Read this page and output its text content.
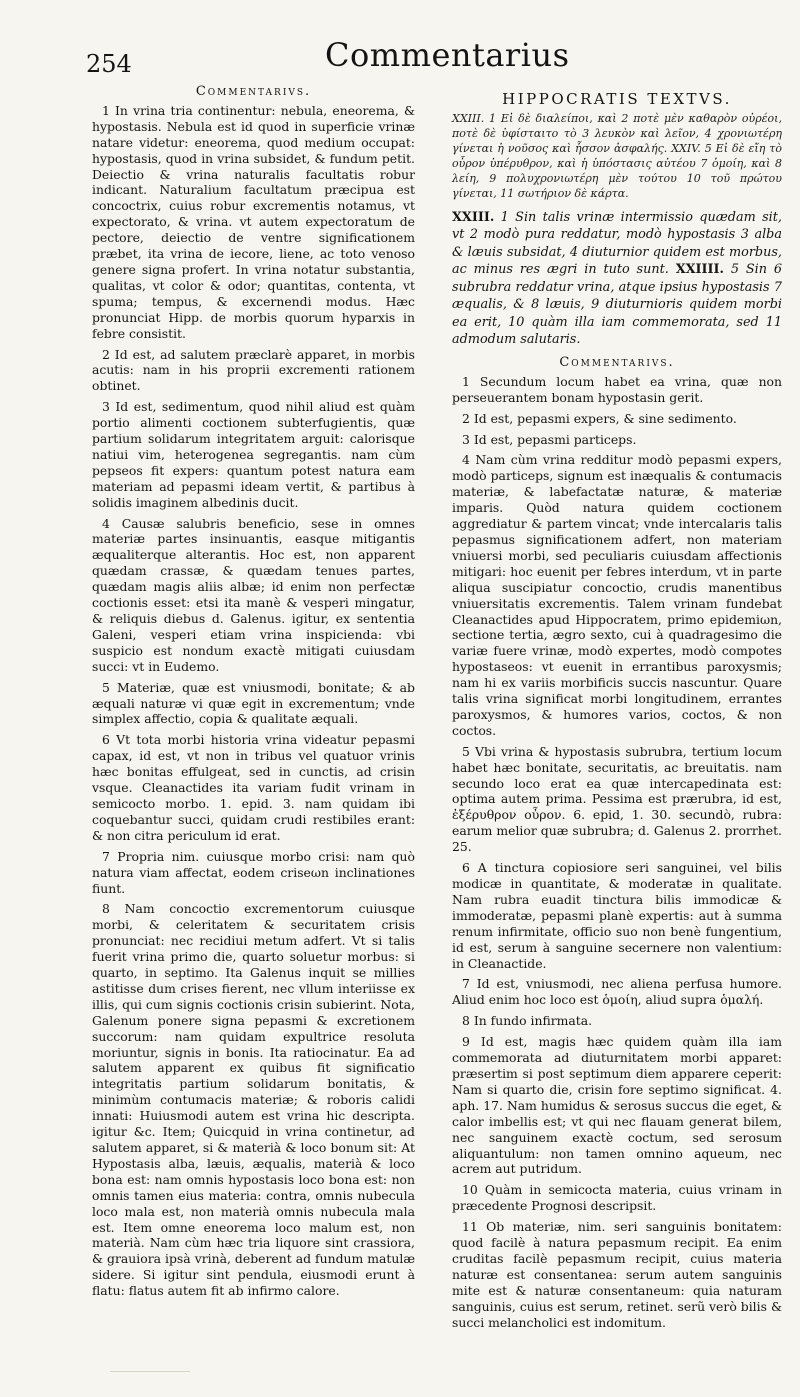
254	Commentarius
Commentarivs.

1 In vrina tria continentur: nebula, eneorema, & hypostasis. Nebula est id quod in superficie vrinæ natare videtur: eneorema, quod medium occupat: hypostasis, quod in vrina subsidet, & fundum petit. Deiectio & vrina naturalis facultatis robur indicant. Naturalium facultatum præcipua est concoctrix, cuius robur excrementis notamus, vt expectorato, & vrina. vt autem expectoratum de pectore, deiectio de ventre significationem præbet, ita vrina de iecore, liene, ac toto venoso genere signa profert. In vrina notatur substantia, qualitas, vt color & odor; quantitas, contenta, vt spuma; tempus, & excernendi modus. Hæc pronunciat Hipp. de morbis quorum hyparxis in febre consistit.

2 Id est, ad salutem præclarè apparet, in morbis acutis: nam in his proprii excrementi rationem obtinet.

3 Id est, sedimentum, quod nihil aliud est quàm portio alimenti coctionem subterfugientis, quæ partium solidarum integritatem arguit: calorisque natiui vim, heterogenea segregantis. nam cùm pepseos fit expers: quantum potest natura eam materiam ad pepasmi ideam vertit, & partibus à solidis imaginem albedinis ducit.

4 Causæ salubris beneficio, sese in omnes materiæ partes insinuantis, easque mitigantis æqualiterque alterantis. Hoc est, non apparent quædam crassæ, & quædam tenues partes, quædam magis aliis albæ; id enim non perfectæ coctionis esset: etsi ita manè & vesperi mingatur, & reliquis diebus d. Galenus. igitur, ex sententia Galeni, vesperi etiam vrina inspicienda: vbi suspicio est nondum exactè mitigati cuiusdam succi: vt in Eudemo.

5 Materiæ, quæ est vniusmodi, bonitate; & ab æquali naturæ vi quæ egit in excrementum; vnde simplex affectio, copia & qualitate æquali.

6 Vt tota morbi historia vrina videatur pepasmi capax, id est, vt non in tribus vel quatuor vrinis hæc bonitas effulgeat, sed in cunctis, ad crisin vsque. Cleanactides ita variam fudit vrinam in semicocto morbo. 1. epid. 3. nam quidam ibi coquebantur succi, quidam crudi restibiles erant: & non citra periculum id erat.

7 Propria nim. cuiusque morbo crisi: nam quò natura viam affectat, eodem criseωn inclinationes fiunt.

8 Nam concoctio excrementorum cuiusque morbi, & celeritatem & securitatem crisis pronunciat: nec recidiui metum adfert. Vt si talis fuerit vrina primo die, quarto soluetur morbus: si quarto, in septimo. Ita Galenus inquit se millies astitisse dum crises fierent, nec vllum interiisse ex illis, qui cum signis coctionis crisin subierint. Nota, Galenum ponere signa pepasmi & excretionem succorum: nam quidam expultrice resoluta moriuntur, signis in bonis. Ita ratiocinatur. Ea ad salutem apparent ex quibus fit significatio integritatis partium solidarum bonitatis, & minimùm contumacis materiæ; & roboris calidi innati: Huiusmodi autem est vrina hic descripta. igitur &c. Item; Quicquid in vrina continetur, ad salutem apparet, si & materià & loco bonum sit: At Hypostasis alba, læuis, æqualis, materià & loco bona est: nam omnis hypostasis loco bona est: non omnis tamen eius materia: contra, omnis nubecula loco mala est, non materià omnis nubecula mala est. Item omne eneorema loco malum est, non materià. Nam cùm hæc tria liquore sint crassiora, & grauiora ipsà vrinà, deberent ad fundum matulæ sidere. Si igitur sint pendula, eiusmodi erunt à flatu: flatus autem fit ab infirmo calore.

HIPPOCRATIS TEXTVS.
XXIII. 1 Εἰ δὲ διαλείποι, καὶ 2 ποτὲ μὲν καθαρὸν οὐρέοι, ποτὲ δὲ ὑφίσταιτο τὸ 3 λευκὸν καὶ λεῖον, 4 χρονιωτέρη γίνεται ἡ νοῦσος καὶ ἧσσον ἀσφαλής. XXIV. 5 Εἰ δὲ εἴη τὸ οὖρον ὑπέρυθρον, καὶ ἡ ὑπόστασις αὐτέου 7 ὁμοίη, καὶ 8 λείη, 9 πολυχρονιωτέρη μὲν τούτου 10 τοῦ πρώτου γίνεται, 11 σωτήριον δὲ κάρτα.
XXIII. 1 Sin talis vrinæ intermissio quædam sit, vt 2 modò pura reddatur, modò hypostasis 3 alba & læuis subsidat, 4 diuturnior quidem est morbus, ac minus res ægri in tuto sunt. XXIIII. 5 Sin 6 subrubra reddatur vrina, atque ipsius hypostasis 7 æqualis, & 8 læuis, 9 diuturnioris quidem morbi ea erit, 10 quàm illa iam commemorata, sed 11 admodum salutaris.
Commentarivs.

1 Secundum locum habet ea vrina, quæ non perseuerantem bonam hypostasin gerit.

2 Id est, pepasmi expers, & sine sedimento.

3 Id est, pepasmi particeps.

4 Nam cùm vrina redditur modò pepasmi expers, modò particeps, signum est inæqualis & contumacis materiæ, & labefactatæ naturæ, & materiæ imparis. Quòd natura quidem coctionem aggrediatur & partem vincat; vnde intercalaris talis pepasmus significationem adfert, non materiam vniuersi morbi, sed peculiaris cuiusdam affectionis mitigari: hoc euenit per febres interdum, vt in parte aliqua suscipiatur concoctio, crudis manentibus vniuersitatis excrementis. Talem vrinam fundebat Cleanactides apud Hippocratem, primo epidemiωn, sectione tertia, ægro sexto, cui à quadragesimo die variæ fuere vrinæ, modò expertes, modò compotes hypostaseos: vt euenit in errantibus paroxysmis; nam hi ex variis morbificis succis nascuntur. Quare talis vrina significat morbi longitudinem, errantes paroxysmos, & humores varios, coctos, & non coctos.

5 Vbi vrina & hypostasis subrubra, tertium locum habet hæc bonitate, securitatis, ac breuitatis. nam secundo loco erat ea quæ intercapedinata est: optima autem prima. Pessima est prærubra, id est, ἐξέρυθρον οὖρον. 6. epid, 1. 30. secundò, rubra: earum melior quæ subrubra; d. Galenus 2. prorrhet. 25.

6 A tinctura copiosiore seri sanguinei, vel bilis modicæ in quantitate, & moderatæ in qualitate. Nam rubra euadit tinctura bilis immodicæ & immoderatæ, pepasmi planè expertis: aut à summa renum infirmitate, officio suo non benè fungentium, id est, serum à sanguine secernere non valentium: in Cleanactide.

7 Id est, vniusmodi, nec aliena perfusa humore. Aliud enim hoc loco est ὁμοίη, aliud supra ὁμαλή.

8 In fundo infirmata.

9 Id est, magis hæc quidem quàm illa iam commemorata ad diuturnitatem morbi apparet: præsertim si post septimum diem apparere ceperit: Nam si quarto die, crisin fore septimo significat. 4. aph. 17. Nam humidus & serosus succus die eget, & calor imbellis est; vt qui nec flauam generat bilem, nec sanguinem exactè coctum, sed serosum aliquantulum: non tamen omnino aqueum, nec acrem aut putridum.

10 Quàm in semicocta materia, cuius vrinam in præcedente Prognosi descripsit.

11 Ob materiæ, nim. seri sanguinis bonitatem: quod facilè à natura pepasmum recipit. Ea enim cruditas facilè pepasmum recipit, cuius materia naturæ est consentanea: serum autem sanguinis mite est & naturæ consentaneum: quia naturam sanguinis, cuius est serum, retinet. serũ verò bilis & succi melancholici est indomitum.
